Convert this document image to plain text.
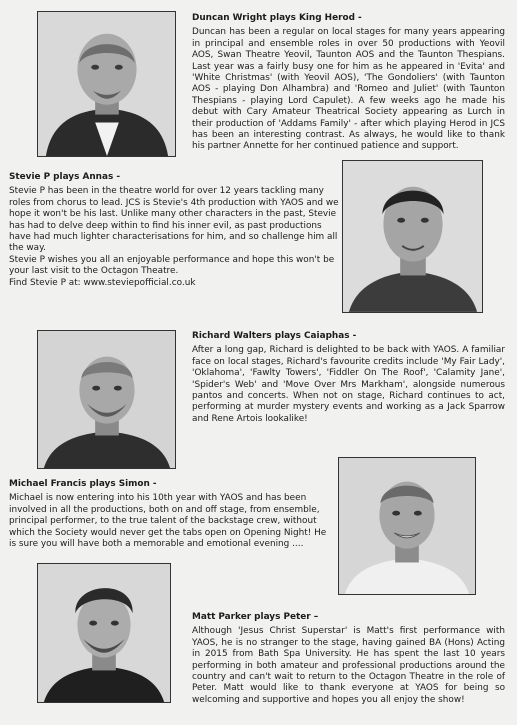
Duncan Wright plays King Herod -

Duncan has been a regular on local stages for many years appearing in principal and ensemble roles in over 50 productions with Yeovil AOS, Swan Theatre Yeovil, Taunton AOS and the Taunton Thespians. Last year was a fairly busy one for him as he appeared in 'Evita' and 'White Christmas' (with Yeovil AOS), 'The Gondoliers' (with Taunton AOS - playing Don Alhambra) and 'Romeo and Juliet' (with Taunton Thespians - playing Lord Capulet). A few weeks ago he made his debut with Cary Amateur Theatrical Society appearing as Lurch in their production of 'Addams Family' - after which playing Herod in JCS has been an interesting contrast. As always, he would like to thank his partner Annette for her continued patience and support.

Stevie P plays Annas -

Stevie P has been in the theatre world for over 12 years tackling many roles from chorus to lead. JCS is Stevie's 4th production with YAOS and we hope it won't be his last. Unlike many other characters in the past, Stevie has had to delve deep within to find his inner evil, as past productions have had much lighter characterisations for him, and so challenge him all the way.

Stevie P wishes you all an enjoyable performance and hope this won't be your last visit to the Octagon Theatre.

Find Stevie P at: www.steviepofficial.co.uk

Richard Walters plays Caiaphas -

After a long gap, Richard is delighted to be back with YAOS. A familiar face on local stages, Richard's favourite credits include 'My Fair Lady', 'Oklahoma', 'Fawlty Towers', 'Fiddler On The Roof', 'Calamity Jane', 'Spider's Web' and 'Move Over Mrs Markham', alongside numerous pantos and concerts. When not on stage, Richard continues to act, performing at murder mystery events and working as a Jack Sparrow and Rene Artois lookalike!

Michael Francis plays Simon -

Michael is now entering into his 10th year with YAOS and has been involved in all the productions, both on and off stage, from ensemble, principal performer, to the true talent of the backstage crew, without which the Society would never get the tabs open on Opening Night! He is sure you will have both a memorable and emotional evening ....

Matt Parker plays Peter –

Although 'Jesus Christ Superstar' is Matt's first performance with YAOS, he is no stranger to the stage, having gained BA (Hons) Acting in 2015 from Bath Spa University. He has spent the last 10 years performing in both amateur and professional productions around the country and can't wait to return to the Octagon Theatre in the role of Peter. Matt would like to thank everyone at YAOS for being so welcoming and supportive and hopes you all enjoy the show!
